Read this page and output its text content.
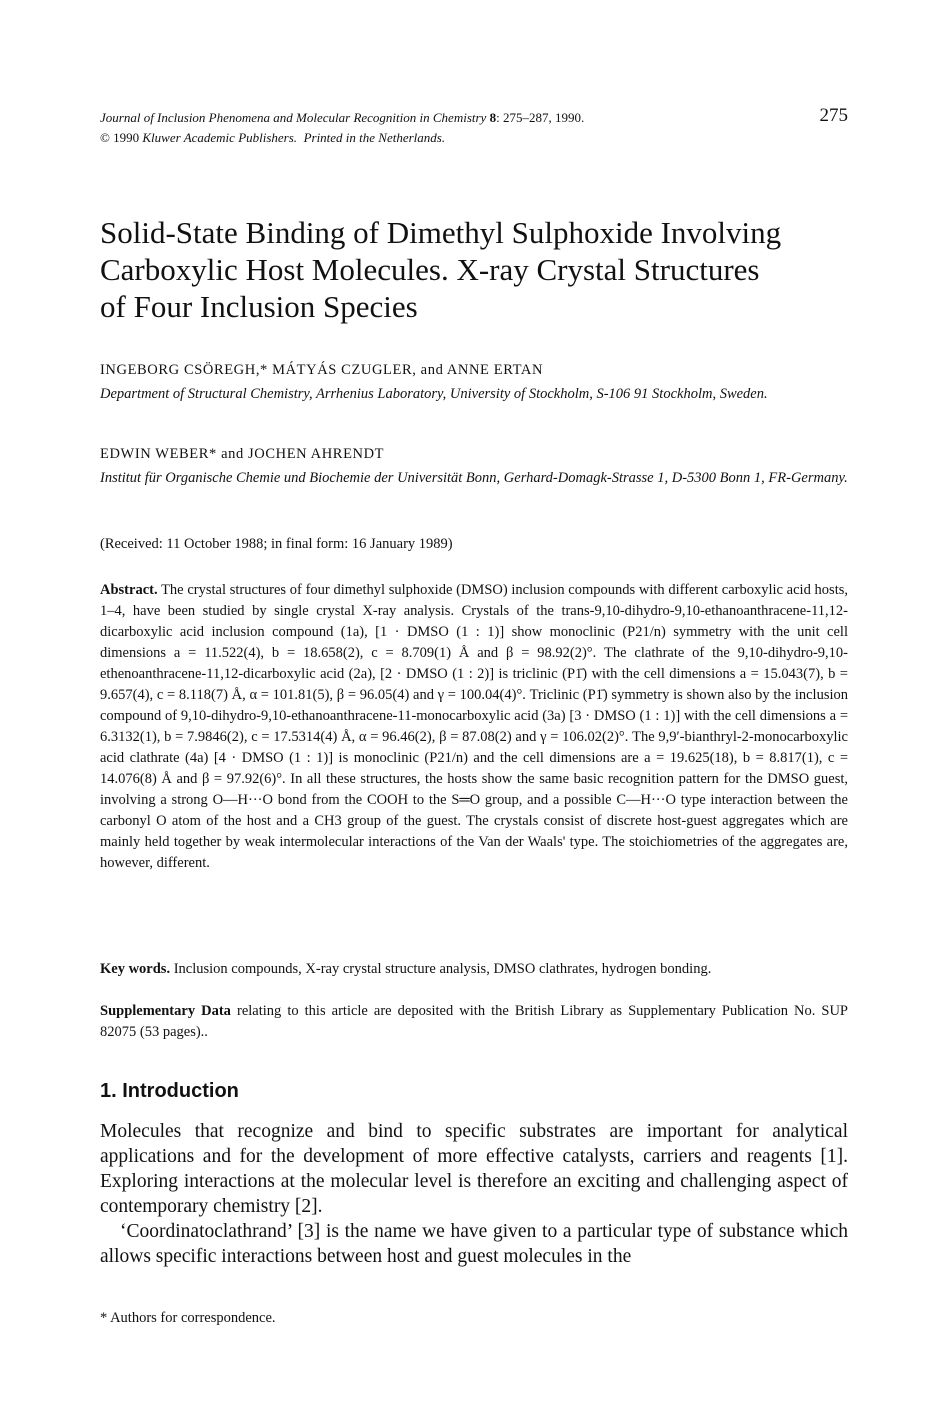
Journal of Inclusion Phenomena and Molecular Recognition in Chemistry 8: 275–287, 1990.
© 1990 Kluwer Academic Publishers. Printed in the Netherlands.
275
Solid-State Binding of Dimethyl Sulphoxide Involving
Carboxylic Host Molecules. X-ray Crystal Structures
of Four Inclusion Species
INGEBORG CSÖREGH,* MÁTYÁS CZUGLER, and ANNE ERTAN
Department of Structural Chemistry, Arrhenius Laboratory, University of Stockholm, S-106 91 Stockholm, Sweden.
EDWIN WEBER* and JOCHEN AHRENDT
Institut für Organische Chemie und Biochemie der Universität Bonn, Gerhard-Domagk-Strasse 1, D-5300 Bonn 1, FR-Germany.
(Received: 11 October 1988; in final form: 16 January 1989)
Abstract. The crystal structures of four dimethyl sulphoxide (DMSO) inclusion compounds with different carboxylic acid hosts, 1–4, have been studied by single crystal X-ray analysis. Crystals of the trans-9,10-dihydro-9,10-ethanoanthracene-11,12-dicarboxylic acid inclusion compound (1a), [1 · DMSO (1 : 1)] show monoclinic (P21/n) symmetry with the unit cell dimensions a = 11.522(4), b = 18.658(2), c = 8.709(1) Å and β = 98.92(2)°. The clathrate of the 9,10-dihydro-9,10-ethenoanthracene-11,12-dicarboxylic acid (2a), [2 · DMSO (1 : 2)] is triclinic (P1̄) with the cell dimensions a = 15.043(7), b = 9.657(4), c = 8.118(7) Å, α = 101.81(5), β = 96.05(4) and γ = 100.04(4)°. Triclinic (P1̄) symmetry is shown also by the inclusion compound of 9,10-dihydro-9,10-ethanoanthracene-11-monocarboxylic acid (3a) [3 · DMSO (1 : 1)] with the cell dimensions a = 6.3132(1), b = 7.9846(2), c = 17.5314(4) Å, α = 96.46(2), β = 87.08(2) and γ = 106.02(2)°. The 9,9′-bianthryl-2-monocarboxylic acid clathrate (4a) [4 · DMSO (1 : 1)] is monoclinic (P21/n) and the cell dimensions are a = 19.625(18), b = 8.817(1), c = 14.076(8) Å and β = 97.92(6)°. In all these structures, the hosts show the same basic recognition pattern for the DMSO guest, involving a strong O—H···O bond from the COOH to the S═O group, and a possible C—H···O type interaction between the carbonyl O atom of the host and a CH3 group of the guest. The crystals consist of discrete host-guest aggregates which are mainly held together by weak intermolecular interactions of the Van der Waals' type. The stoichiometries of the aggregates are, however, different.
Key words. Inclusion compounds, X-ray crystal structure analysis, DMSO clathrates, hydrogen bonding.
Supplementary Data relating to this article are deposited with the British Library as Supplementary Publication No. SUP 82075 (53 pages)..
1. Introduction

Molecules that recognize and bind to specific substrates are important for analytical applications and for the development of more effective catalysts, carriers and reagents [1]. Exploring interactions at the molecular level is therefore an exciting and challenging aspect of contemporary chemistry [2].

‘Coordinatoclathrand’ [3] is the name we have given to a particular type of substance which allows specific interactions between host and guest molecules in the

* Authors for correspondence.
